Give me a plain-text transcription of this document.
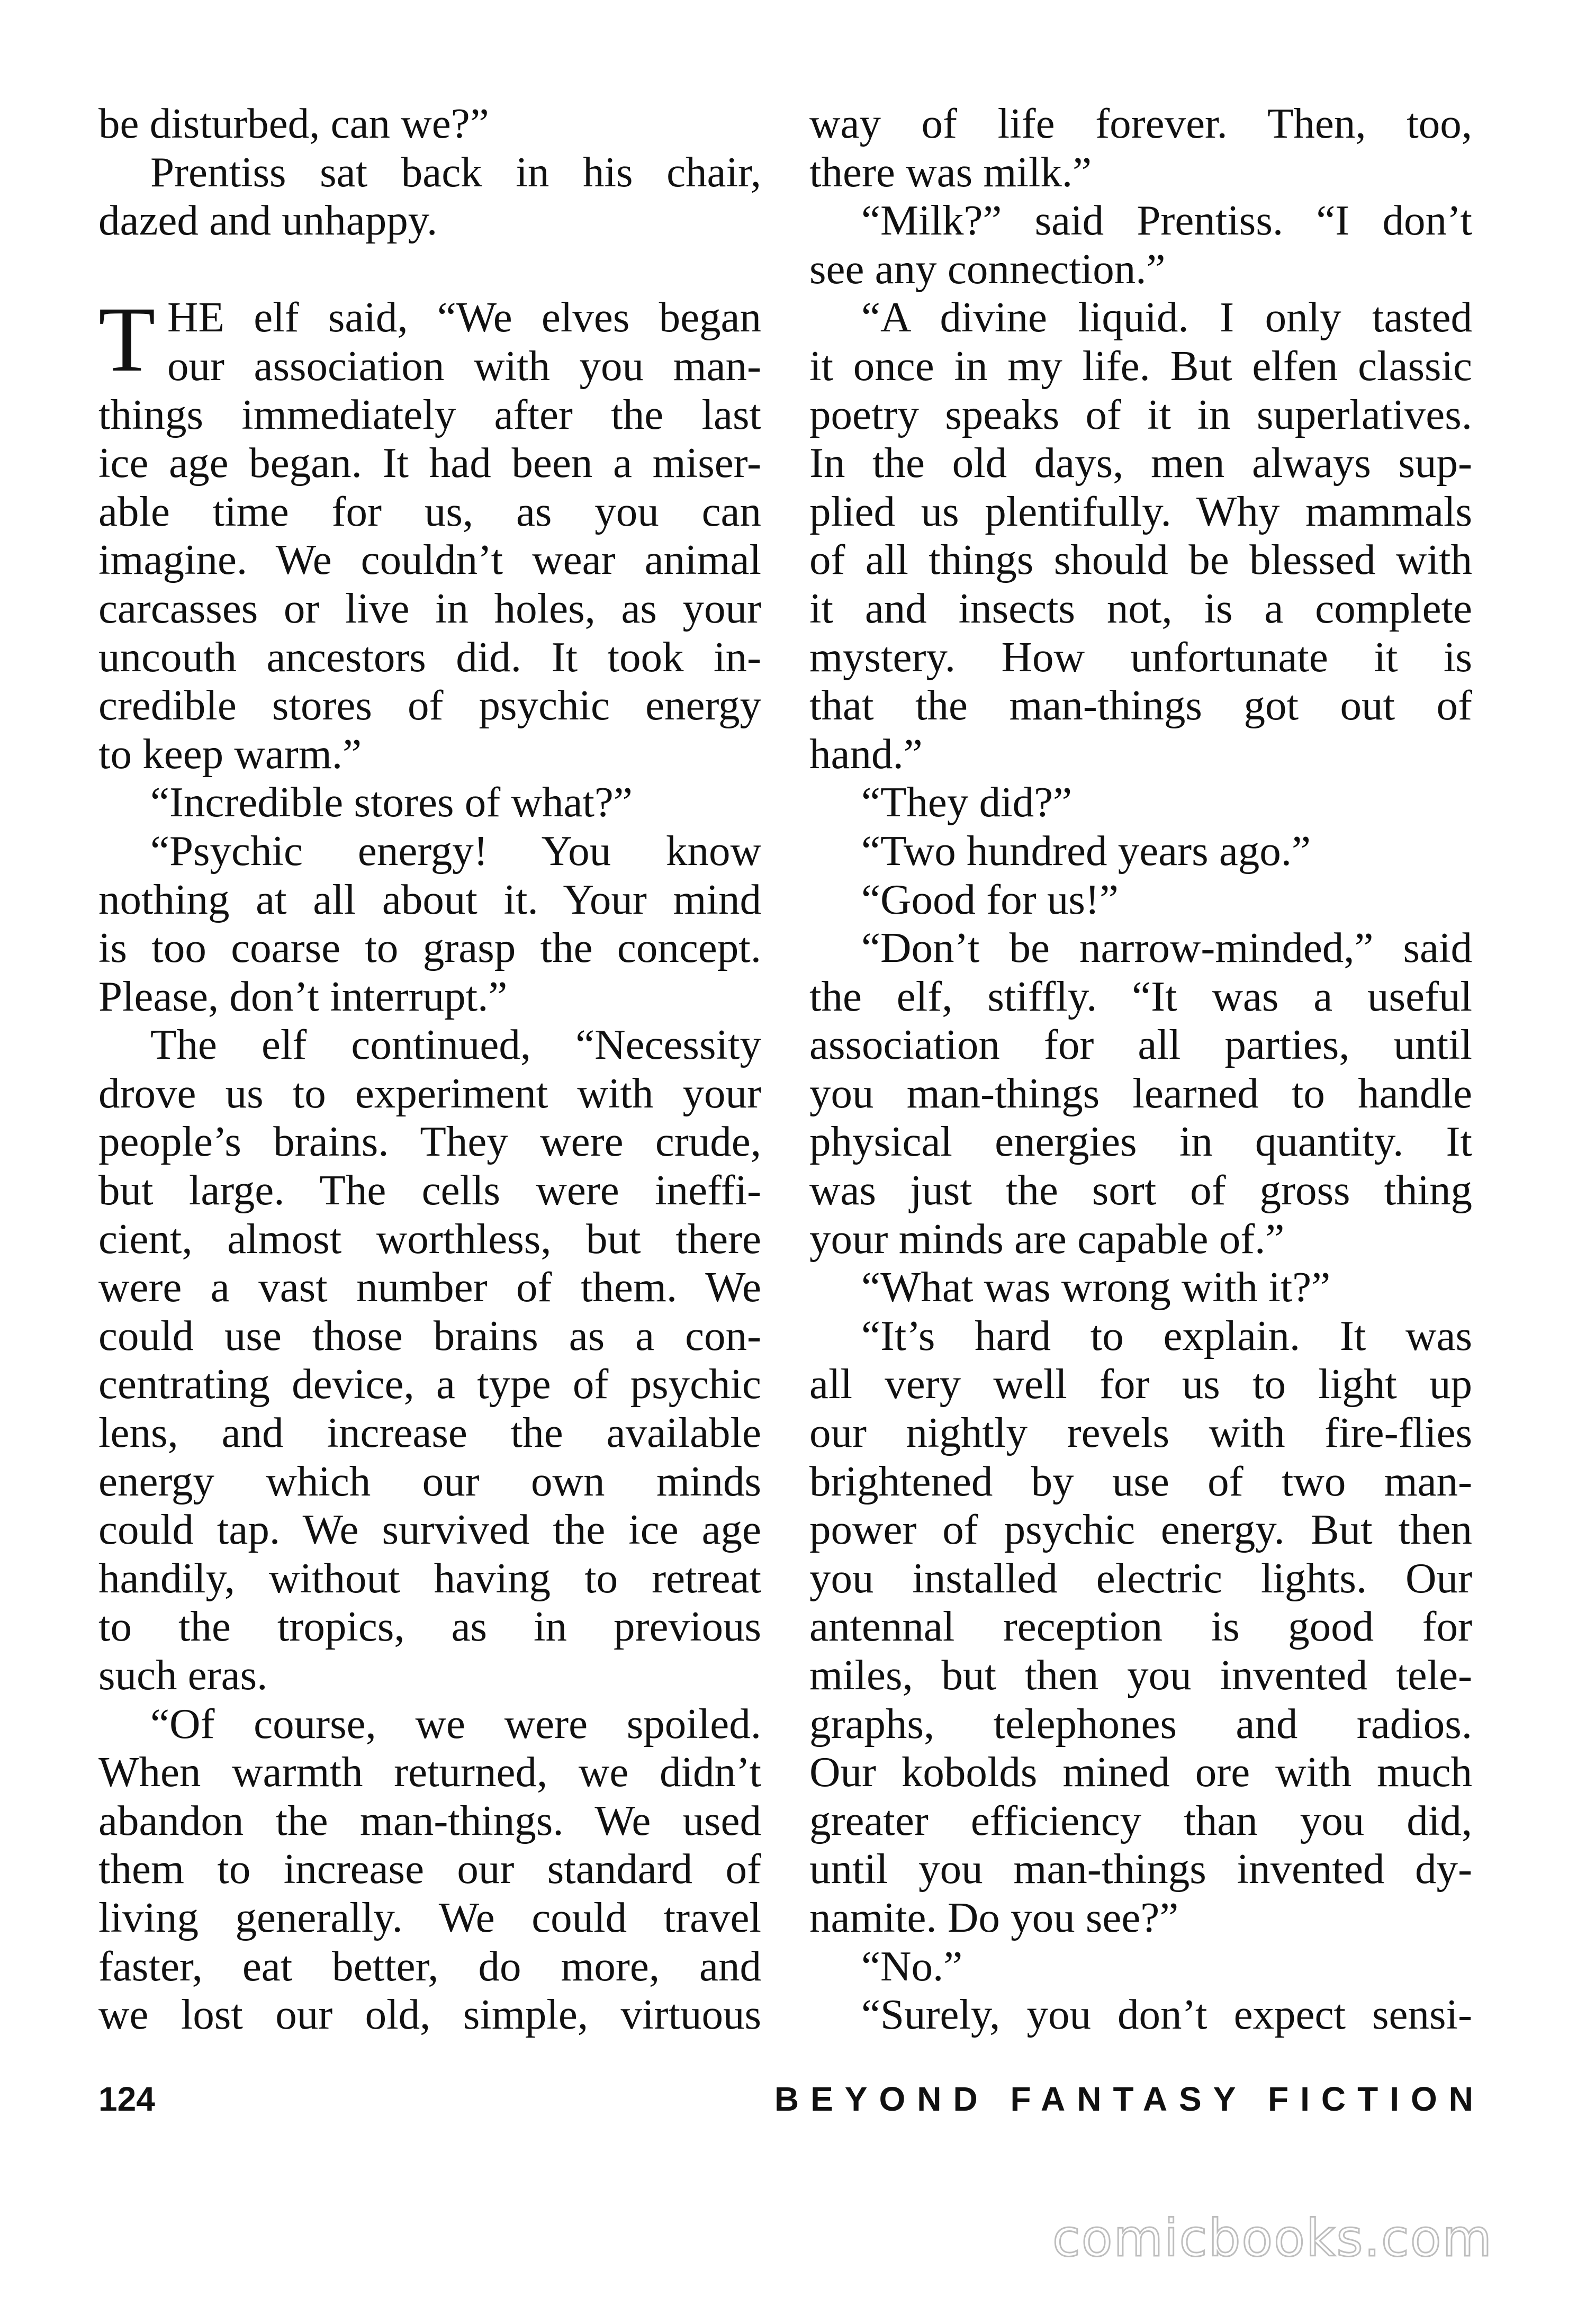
be disturbed, can we?”
Prentiss sat back in his chair,
dazed and unhappy.
T HE elf said, “We elves began
our association with you man-
things immediately after the last
ice age began. It had been a miser-
able time for us, as you can
imagine. We couldn’t wear animal
carcasses or live in holes, as your
uncouth ancestors did. It took in-
credible stores of psychic energy
to keep warm.”
“Incredible stores of what?”
“Psychic energy! You know
nothing at all about it. Your mind
is too coarse to grasp the concept.
Please, don’t interrupt.”
The elf continued, “Necessity
drove us to experiment with your
people’s brains. They were crude,
but large. The cells were ineffi-
cient, almost worthless, but there
were a vast number of them. We
could use those brains as a con-
centrating device, a type of psychic
lens, and increase the available
energy which our own minds
could tap. We survived the ice age
handily, without having to retreat
to the tropics, as in previous
such eras.
“Of course, we were spoiled.
When warmth returned, we didn’t
abandon the man-things. We used
them to increase our standard of
living generally. We could travel
faster, eat better, do more, and
we lost our old, simple, virtuous
way of life forever. Then, too,
there was milk.”
“Milk?” said Prentiss. “I don’t
see any connection.”
“A divine liquid. I only tasted
it once in my life. But elfen classic
poetry speaks of it in superlatives.
In the old days, men always sup-
plied us plentifully. Why mammals
of all things should be blessed with
it and insects not, is a complete
mystery. How unfortunate it is
that the man-things got out of
hand.”
“They did?”
“Two hundred years ago.”
“Good for us!”
“Don’t be narrow-minded,” said
the elf, stiffly. “It was a useful
association for all parties, until
you man-things learned to handle
physical energies in quantity. It
was just the sort of gross thing
your minds are capable of.”
“What was wrong with it?”
“It’s hard to explain. It was
all very well for us to light up
our nightly revels with fire-flies
brightened by use of two man-
power of psychic energy. But then
you installed electric lights. Our
antennal reception is good for
miles, but then you invented tele-
graphs, telephones and radios.
Our kobolds mined ore with much
greater efficiency than you did,
until you man-things invented dy-
namite. Do you see?”
“No.”
“Surely, you don’t expect sensi-
124	BEYOND FANTASY FICTION
comicbooks.com
